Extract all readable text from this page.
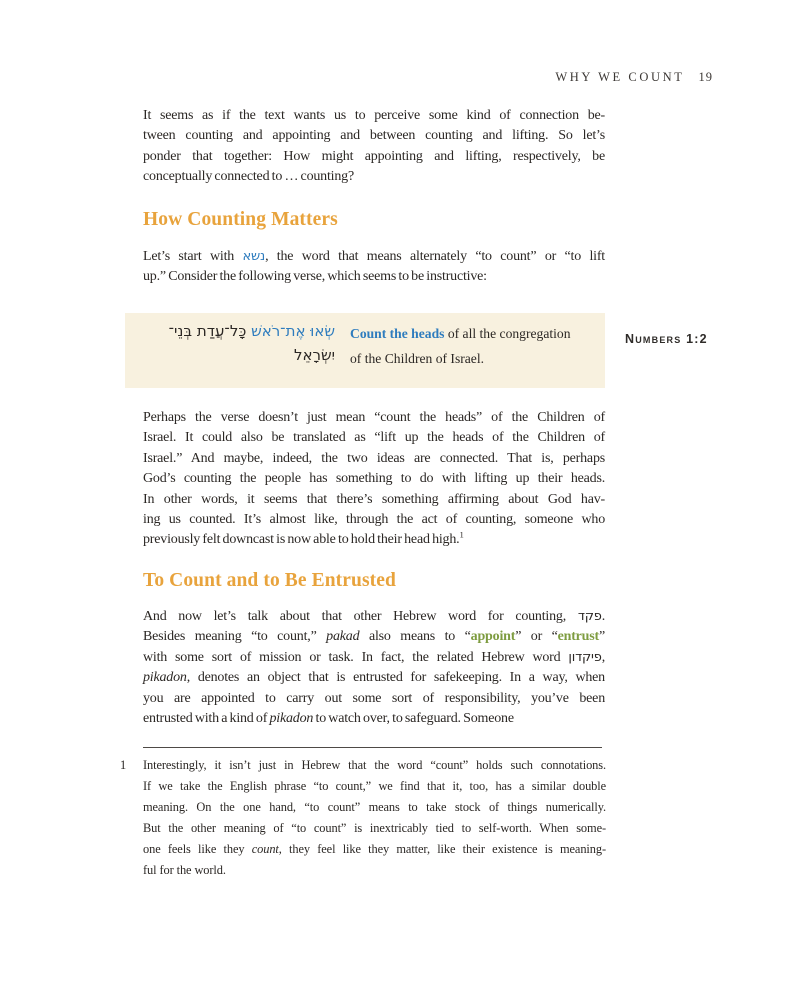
WHY WE COUNT 19
It seems as if the text wants us to perceive some kind of connection be-
tween counting and appointing and between counting and lifting. So let’s
ponder that together: How might appointing and lifting, respectively, be
conceptually connected to … counting?
How Counting Matters
Let’s start with נשא, the word that means alternately “to count” or “to lift
up.” Consider the following verse, which seems to be instructive:
שְׂאוּ אֶת־רֹאשׁ כָּל־עֲדַת בְּנֵי־
יִשְׂרָאֵל
Count the heads of all the congregation
of the Children of Israel.
Numbers 1:2
Perhaps the verse doesn’t just mean “count the heads” of the Children of
Israel. It could also be translated as “lift up the heads of the Children of
Israel.” And maybe, indeed, the two ideas are connected. That is, perhaps
God’s counting the people has something to do with lifting up their heads.
In other words, it seems that there’s something affirming about God hav-
ing us counted. It’s almost like, through the act of counting, someone who
previously felt downcast is now able to hold their head high.$^1$
To Count and to Be Entrusted
And now let’s talk about that other Hebrew word for counting, פקד.
Besides meaning “to count,” pakad also means to “appoint” or “entrust”
with some sort of mission or task. In fact, the related Hebrew word פיקדון,
pikadon, denotes an object that is entrusted for safekeeping. In a way, when
you are appointed to carry out some sort of responsibility, you’ve been
entrusted with a kind of pikadon to watch over, to safeguard. Someone
1	Interestingly, it isn’t just in Hebrew that the word “count” holds such connotations.
If we take the English phrase “to count,” we find that it, too, has a similar double
meaning. On the one hand, “to count” means to take stock of things numerically.
But the other meaning of “to count” is inextricably tied to self-worth. When some-
one feels like they count, they feel like they matter, like their existence is meaning-
ful for the world.
